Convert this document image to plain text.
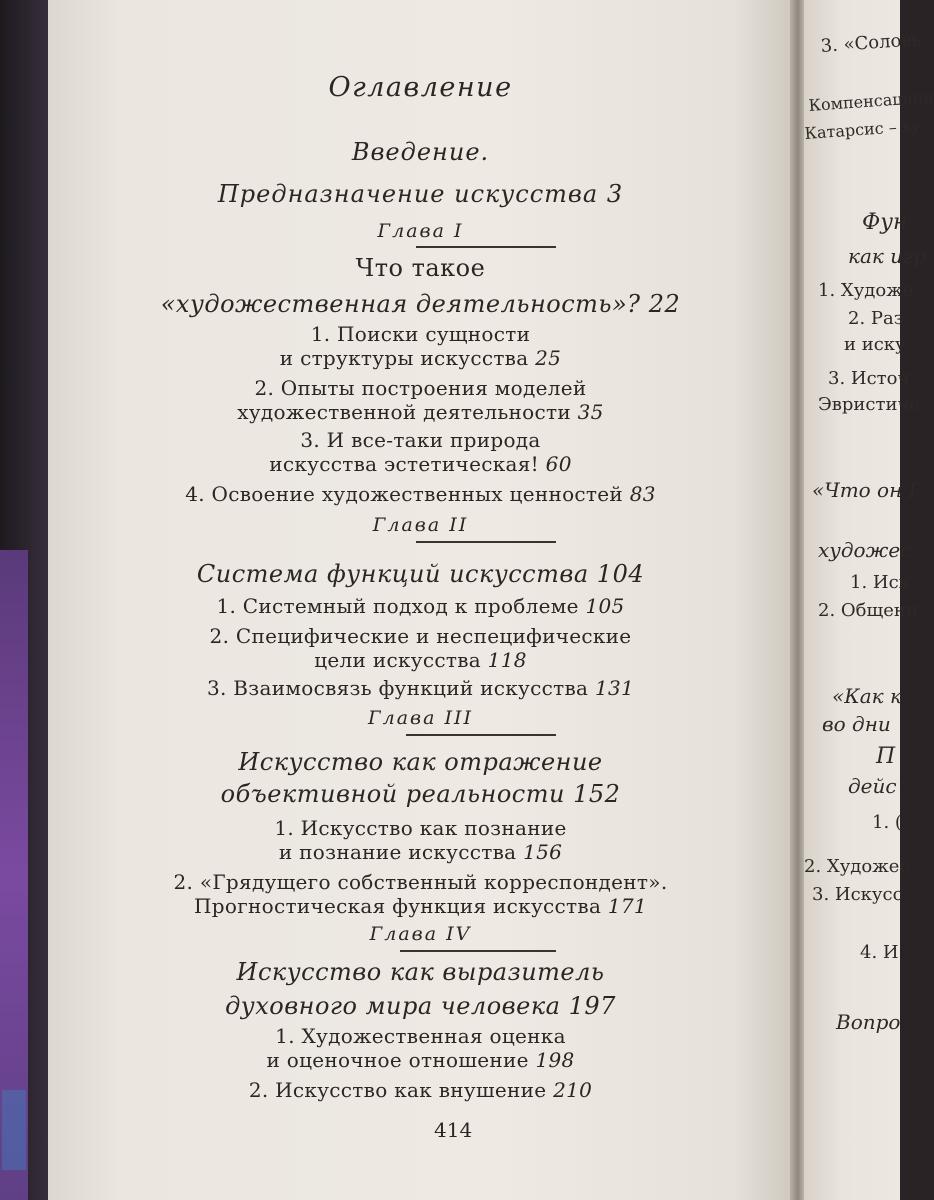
Оглавление
Введение.
Предназначение искусства 3
Глава I
Что такое
«художественная деятельность»? 22
1. Поиски сущности
и структуры искусства 25
2. Опыты построения моделей
художественной деятельности 35
3. И все-таки природа
искусства эстетическая! 60
4. Освоение художественных ценностей 83
Глава II
Система функций искусства 104
1. Системный подход к проблеме 105
2. Специфические и неспецифические
цели искусства 118
3. Взаимосвязь функций искусства 131
Глава III
Искусство как отражение
объективной реальности 152
1. Искусство как познание
и познание искусства 156
2. «Грядущего собственный корреспондент».
Прогностическая функция искусства 171
Глава IV
Искусство как выразитель
духовного мира человека 197
1. Художественная оценка
и оценочное отношение 198
2. Искусство как внушение 210
414
3. «Соловь
Компенсацион
Катарсис – ху
Фун
как игр
1. Художе
2. Раз
и иску
3. Источ
Эвристиче
«Что он I
художес
1. Иск
2. Общени
«Как к
во дни
П
дейс
1. (
2. Художес
3. Искусс
4. И
Вопро
